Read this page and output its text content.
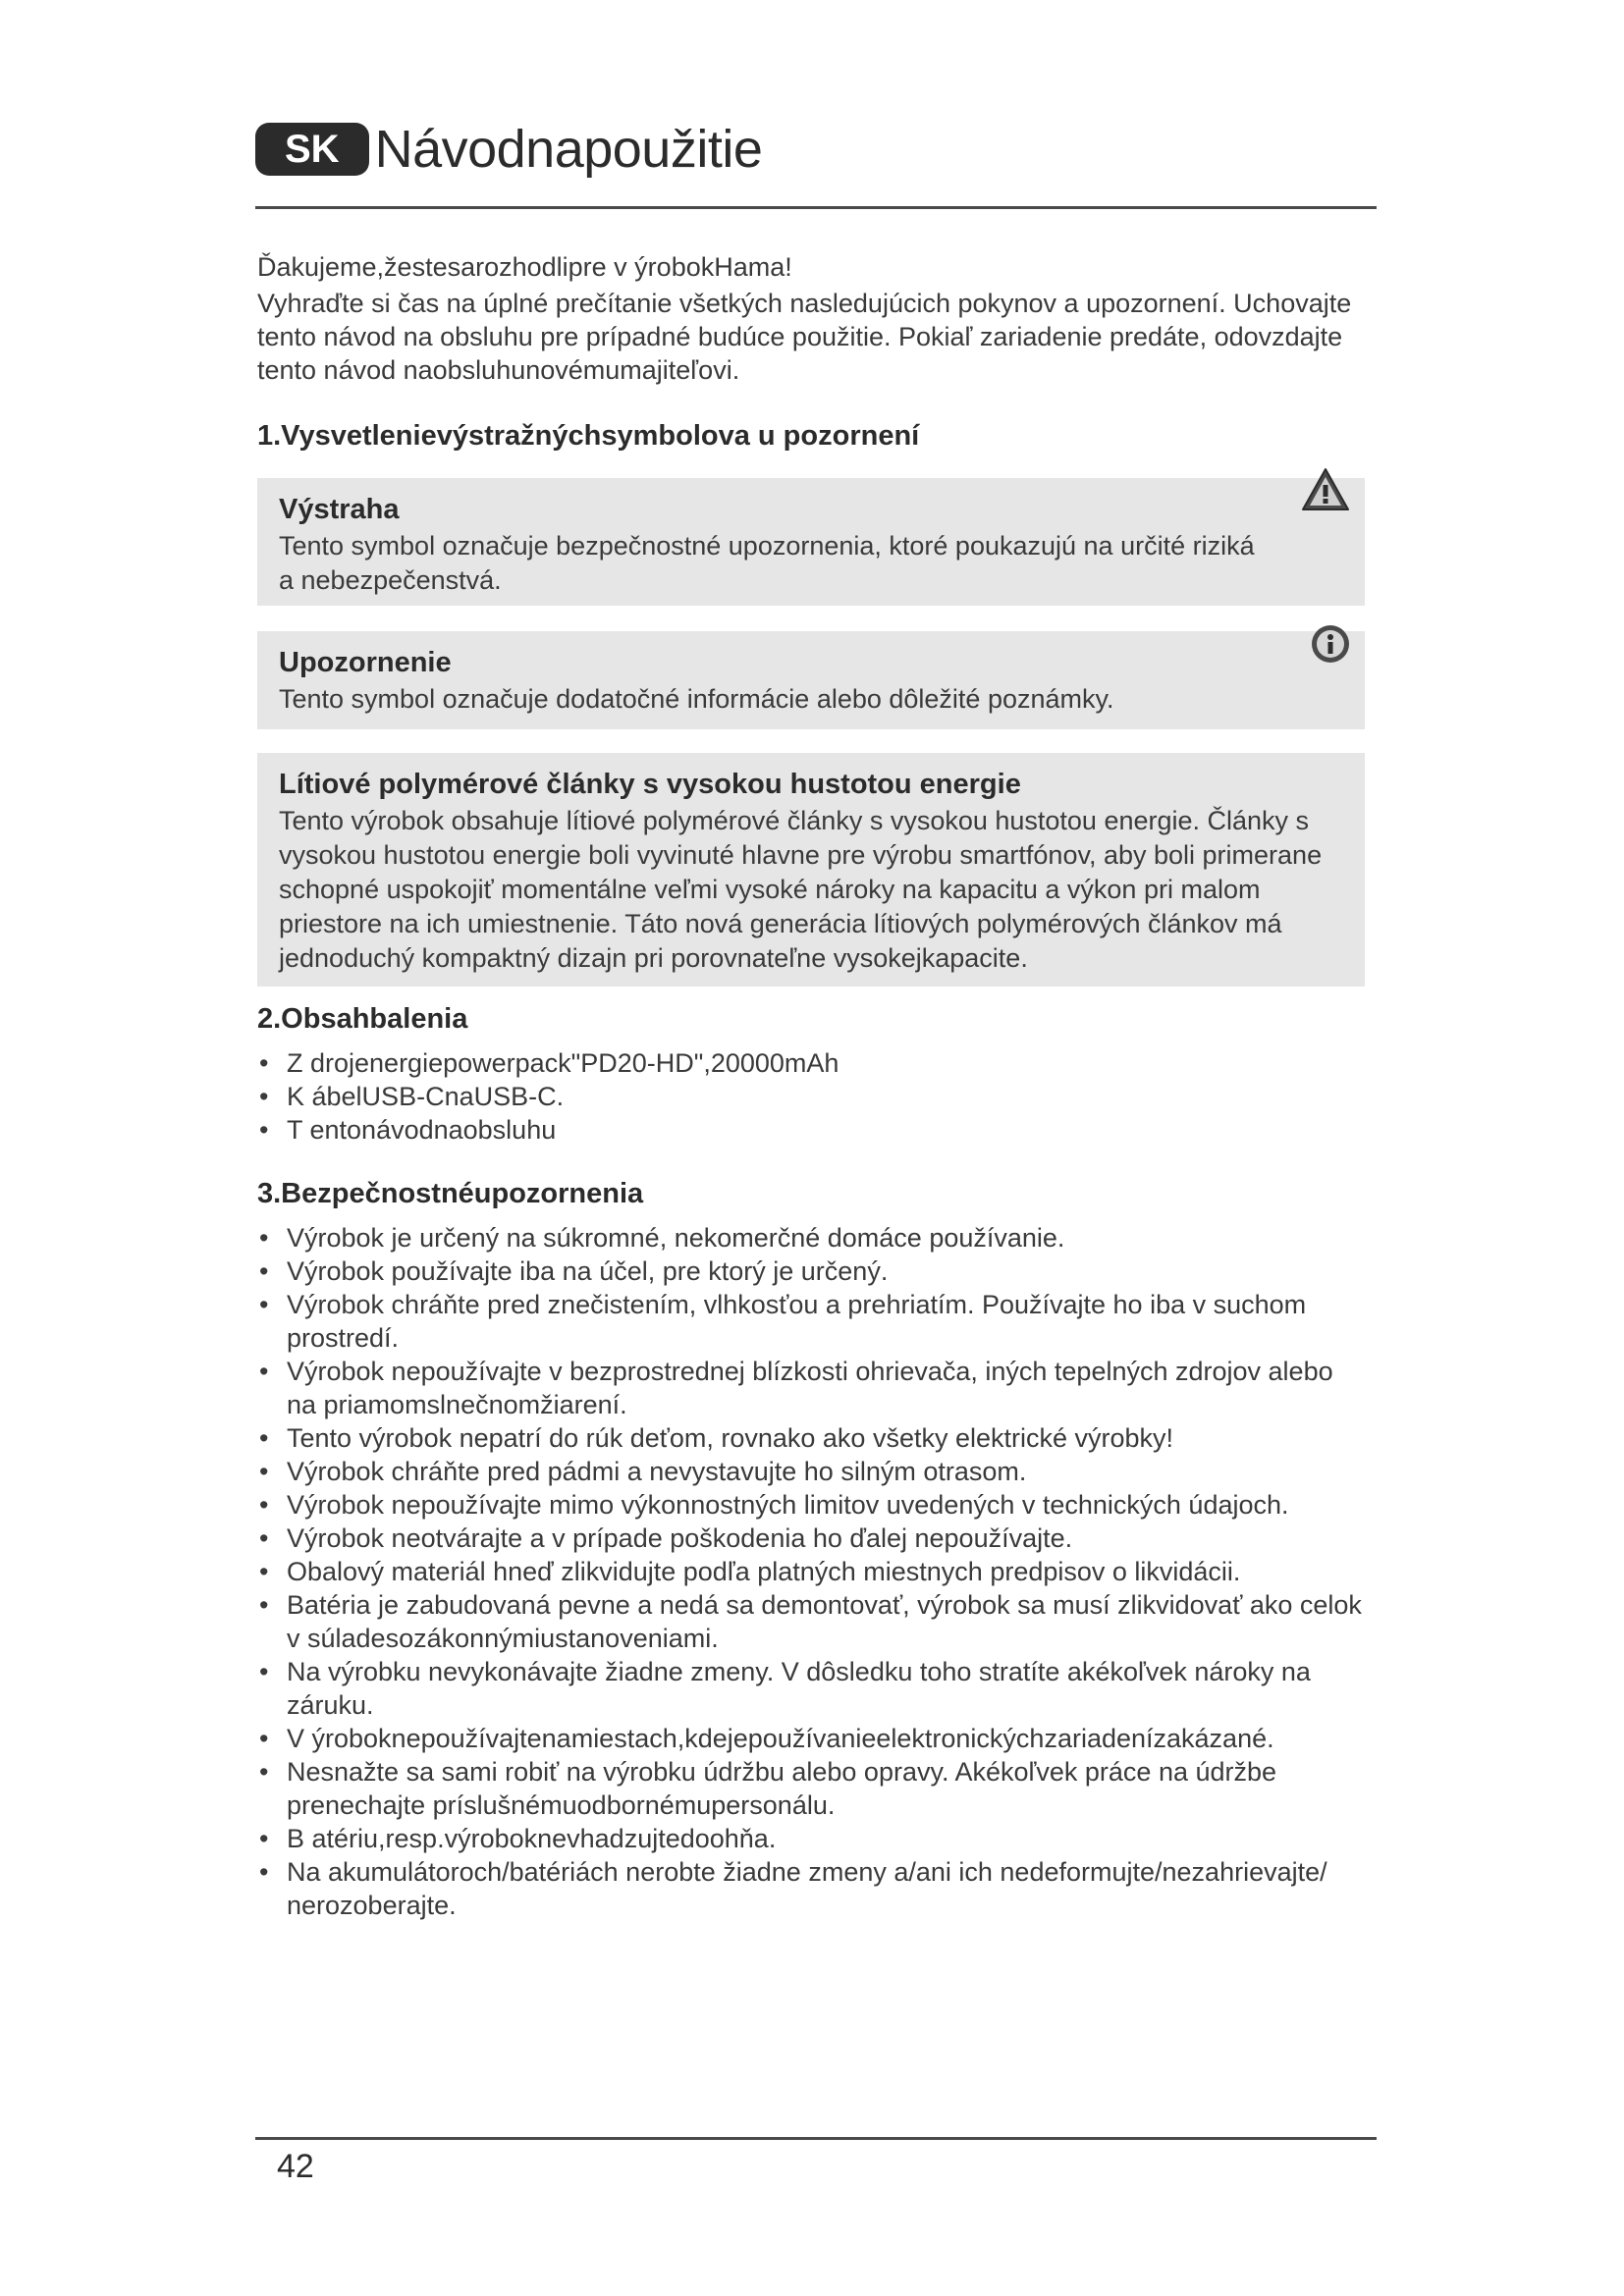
SK Návodnapoužitie

Ďakujeme,žestesarozhodlipre v ýrobokHama!

Vyhraďte si čas na úplné prečítanie všetkých nasledujúcich pokynov a upozornení. Uchovajte tento návod na obsluhu pre prípadné budúce použitie. Pokiaľ zariadenie predáte, odovzdajte tento návod naobsluhunovémumajiteľovi.

1.Vysvetlenievýstražnýchsymbolova u pozornení
Výstraha
Tento symbol označuje bezpečnostné upozornenia, ktoré poukazujú na určité riziká a nebezpečenstvá.
Upozornenie
Tento symbol označuje dodatočné informácie alebo dôležité poznámky.
Lítiové polymérové články s vysokou hustotou energie
Tento výrobok obsahuje lítiové polymérové články s vysokou hustotou energie. Články s vysokou hustotou energie boli vyvinuté hlavne pre výrobu smartfónov, aby boli primerane schopné uspokojiť momentálne veľmi vysoké nároky na kapacitu a výkon pri malom priestore na ich umiestnenie. Táto nová generácia lítiových polymérových článkov má jednoduchý kompaktný dizajn pri porovnateľne vysokejkapacite.
2.Obsahbalenia
• Z drojenergiepowerpack"PD20-HD",20000mAh
• K ábelUSB-CnaUSB-C.
• T entonávodnaobsluhu
3.Bezpečnostnéupozornenia
• Výrobok je určený na súkromné, nekomerčné domáce používanie.
• Výrobok používajte iba na účel, pre ktorý je určený.
• Výrobok chráňte pred znečistením, vlhkosťou a prehriatím. Používajte ho iba v suchom prostredí.
• Výrobok nepoužívajte v bezprostrednej blízkosti ohrievača, iných tepelných zdrojov alebo na priamomslnečnomžiarení.
• Tento výrobok nepatrí do rúk deťom, rovnako ako všetky elektrické výrobky!
• Výrobok chráňte pred pádmi a nevystavujte ho silným otrasom.
• Výrobok nepoužívajte mimo výkonnostných limitov uvedených v technických údajoch.
• Výrobok neotvárajte a v prípade poškodenia ho ďalej nepoužívajte.
• Obalový materiál hneď zlikvidujte podľa platných miestnych predpisov o likvidácii.
• Batéria je zabudovaná pevne a nedá sa demontovať, výrobok sa musí zlikvidovať ako celok v súladesozákonnýmiustanoveniami.
• Na výrobku nevykonávajte žiadne zmeny. V dôsledku toho stratíte akékoľvek nároky na záruku.
• V ýroboknepoužívajtenamiestach,kdejepoužívanieelektronickýchzariadenízakázané.
• Nesnažte sa sami robiť na výrobku údržbu alebo opravy. Akékoľvek práce na údržbe prenechajte príslušnémuodbornémupersonálu.
• B atériu,resp.výroboknevhadzujtedoohňa.
• Na akumulátoroch/batériách nerobte žiadne zmeny a/ani ich nedeformujte/nezahrievajte/ nerozoberajte.
42
